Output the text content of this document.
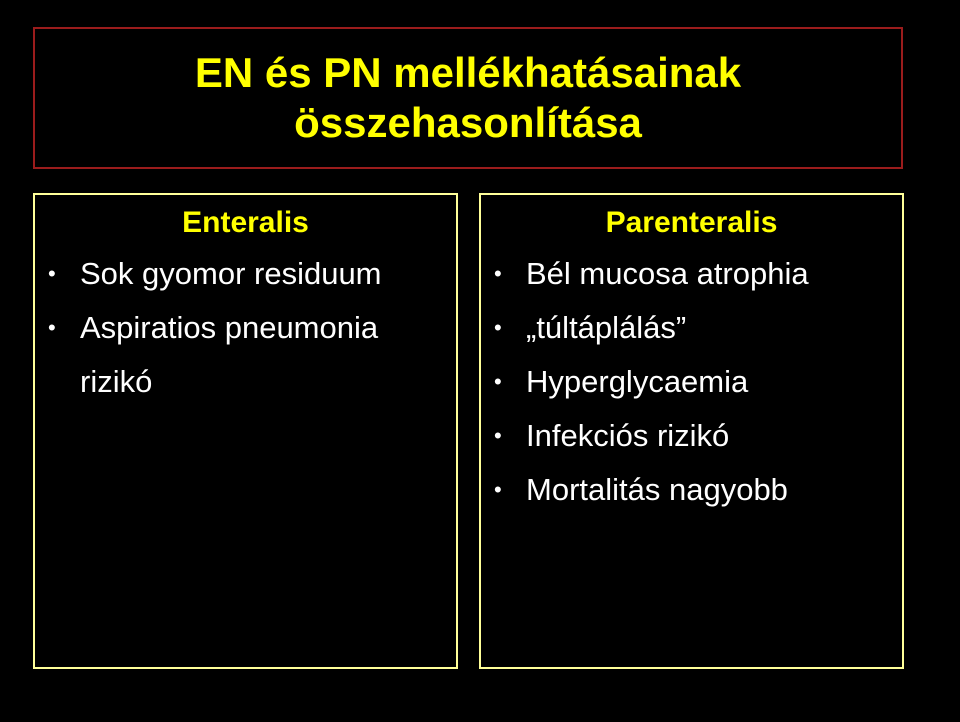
EN és PN mellékhatásainak
összehasonlítása
Enteralis
• Sok gyomor residuum
• Aspiratios pneumonia rizikó
Parenteralis
• Bél mucosa atrophia
• „túltáplálás”
• Hyperglycaemia
• Infekciós rizikó
• Mortalitás nagyobb
